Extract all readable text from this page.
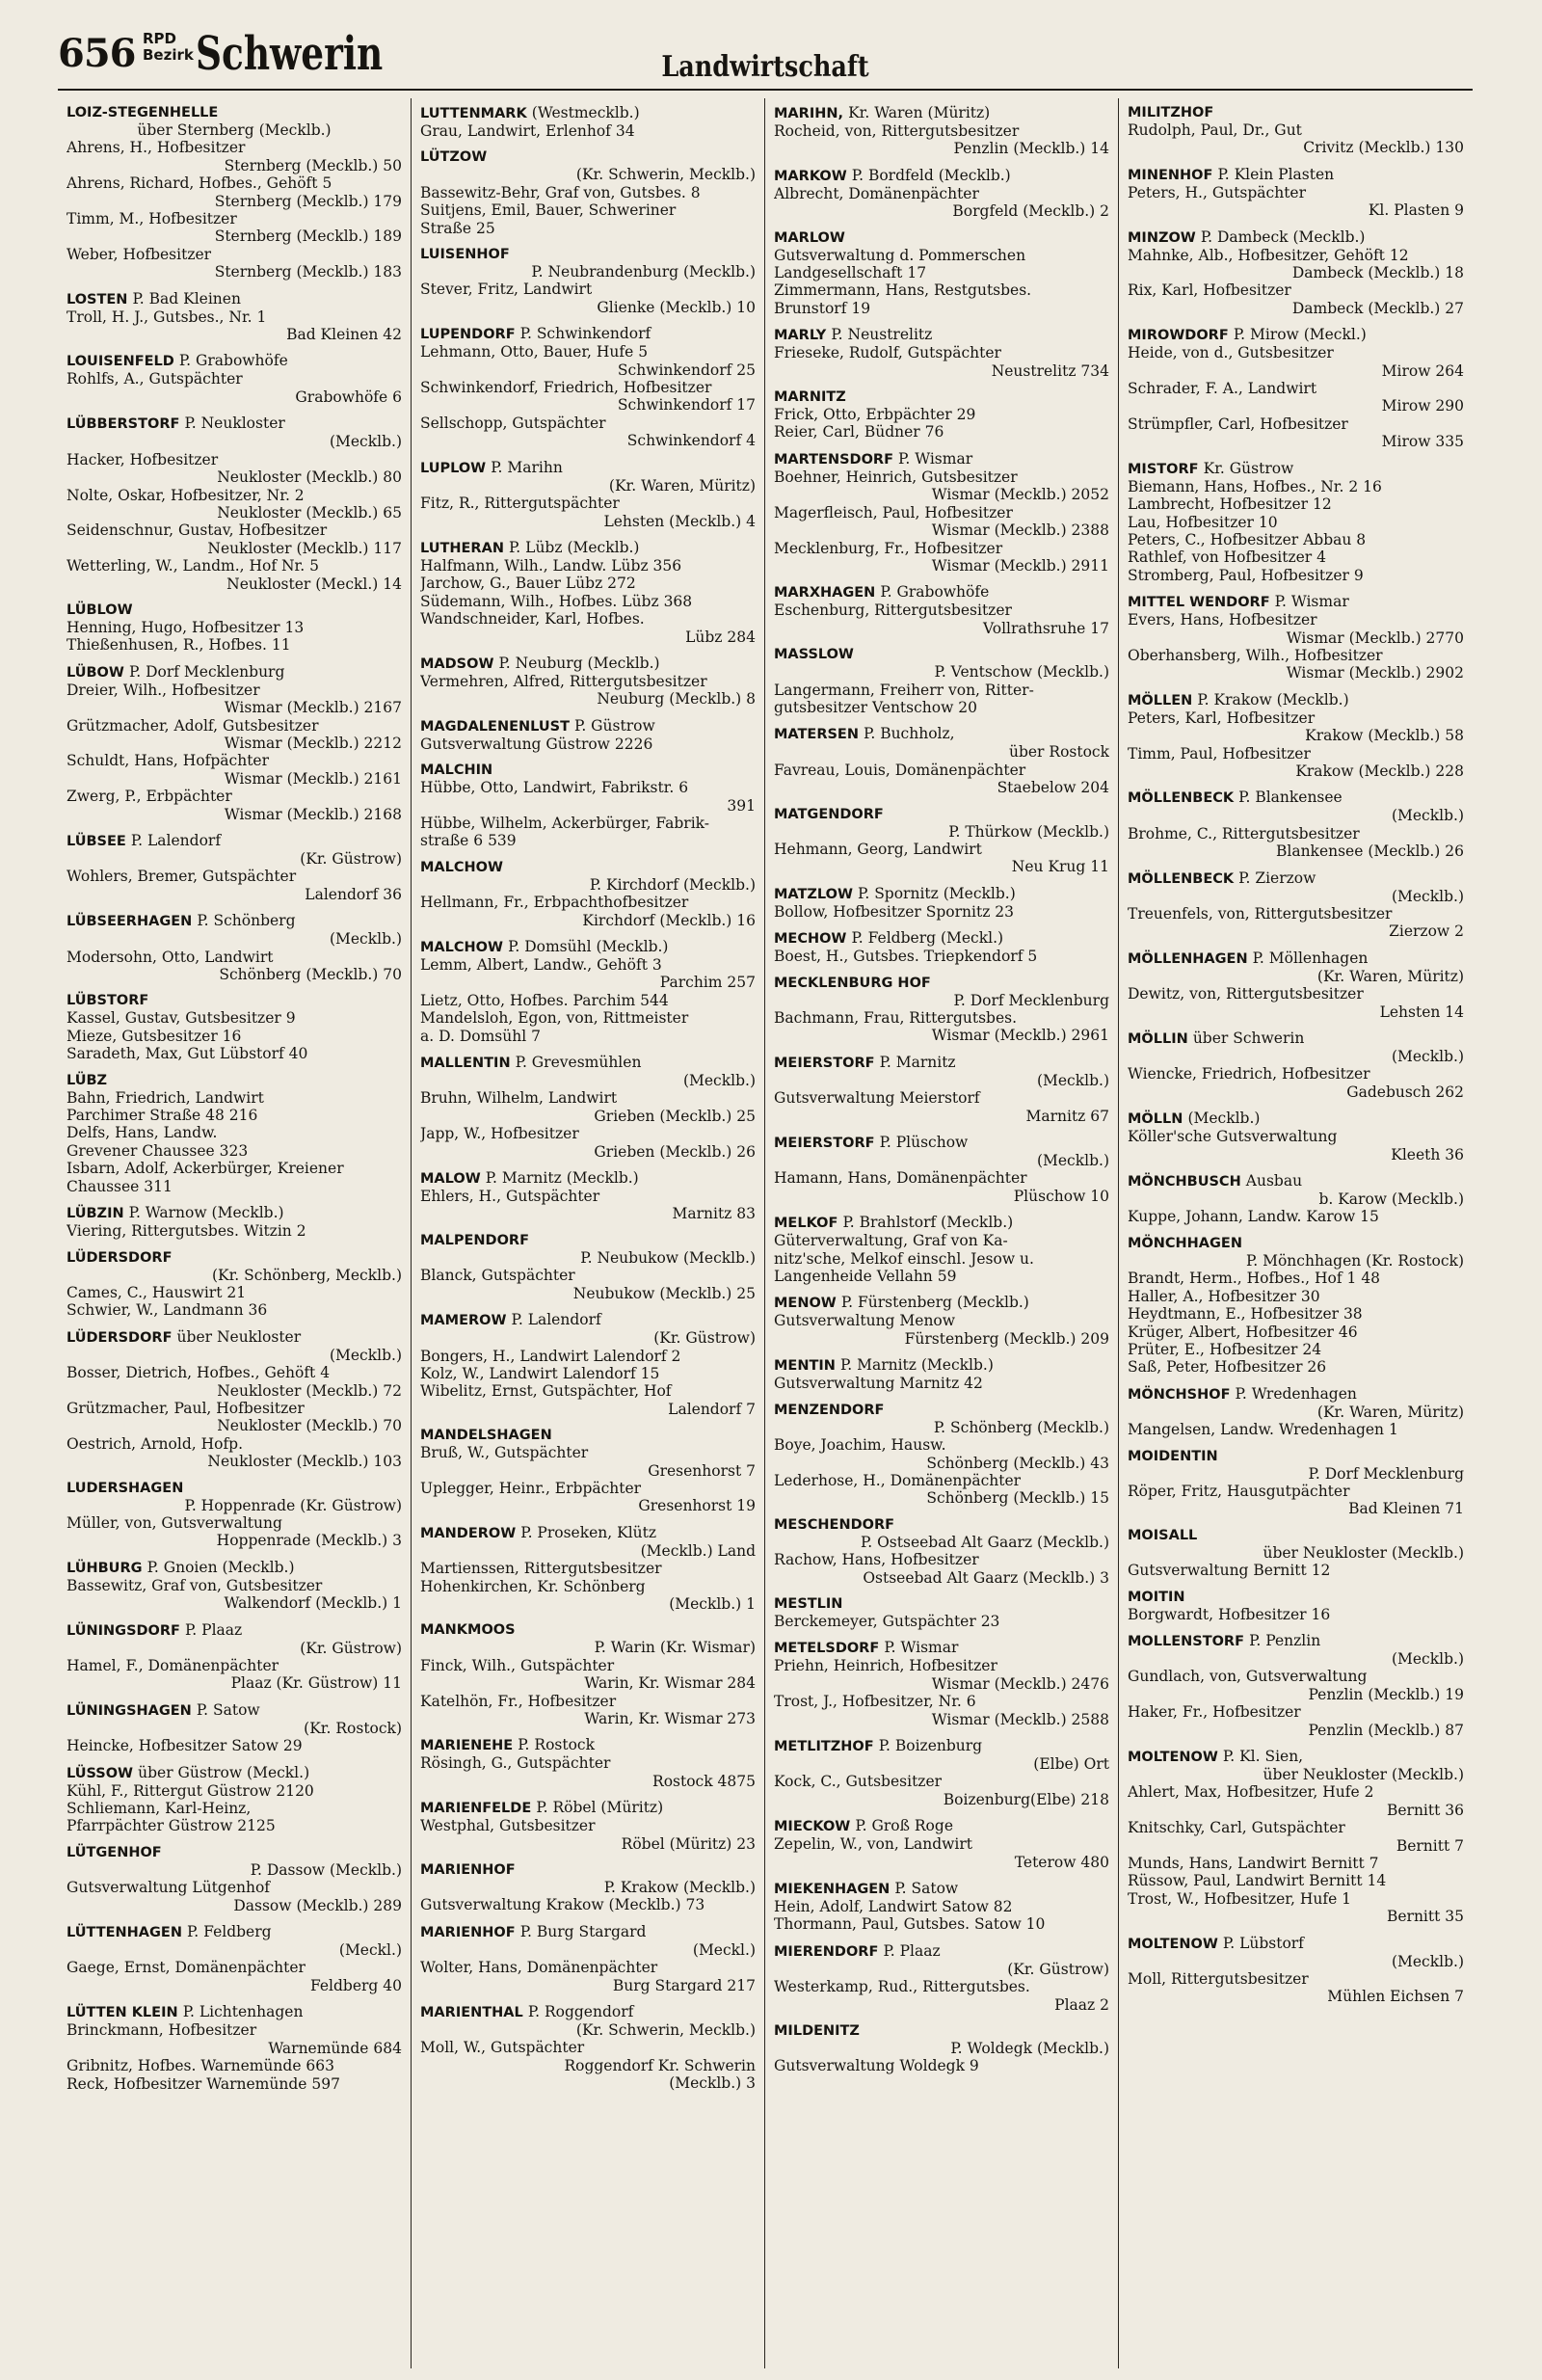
656 RPD
Bezirk Schwerin	Landwirtschaft
LOIZ-STEGENHELLE
über Sternberg (Mecklb.)
Ahrens, H., Hofbesitzer
Sternberg (Mecklb.) 50
Ahrens, Richard, Hofbes., Gehöft 5
Sternberg (Mecklb.) 179
Timm, M., Hofbesitzer
Sternberg (Mecklb.) 189
Weber, Hofbesitzer
Sternberg (Mecklb.) 183
LOSTEN P. Bad Kleinen
Troll, H. J., Gutsbes., Nr. 1
Bad Kleinen 42
LOUISENFELD P. Grabowhöfe
Rohlfs, A., Gutspächter
Grabowhöfe 6
LÜBBERSTORF P. Neukloster
(Mecklb.)
Hacker, Hofbesitzer
Neukloster (Mecklb.) 80
Nolte, Oskar, Hofbesitzer, Nr. 2
Neukloster (Mecklb.) 65
Seidenschnur, Gustav, Hofbesitzer
Neukloster (Mecklb.) 117
Wetterling, W., Landm., Hof Nr. 5
Neukloster (Meckl.) 14
LÜBLOW
Henning, Hugo, Hofbesitzer 13
Thießenhusen, R., Hofbes. 11
LÜBOW P. Dorf Mecklenburg
Dreier, Wilh., Hofbesitzer
Wismar (Mecklb.) 2167
Grützmacher, Adolf, Gutsbesitzer
Wismar (Mecklb.) 2212
Schuldt, Hans, Hofpächter
Wismar (Mecklb.) 2161
Zwerg, P., Erbpächter
Wismar (Mecklb.) 2168
LÜBSEE P. Lalendorf
(Kr. Güstrow)
Wohlers, Bremer, Gutspächter
Lalendorf 36
LÜBSEERHAGEN P. Schönberg
(Mecklb.)
Modersohn, Otto, Landwirt
Schönberg (Mecklb.) 70
LÜBSTORF
Kassel, Gustav, Gutsbesitzer 9
Mieze, Gutsbesitzer 16
Saradeth, Max, Gut Lübstorf 40
LÜBZ
Bahn, Friedrich, Landwirt
Parchimer Straße 48 216
Delfs, Hans, Landw.
Grevener Chaussee 323
Isbarn, Adolf, Ackerbürger, Kreiener
Chaussee 311
LÜBZIN P. Warnow (Mecklb.)
Viering, Rittergutsbes. Witzin 2
LÜDERSDORF
(Kr. Schönberg, Mecklb.)
Cames, C., Hauswirt 21
Schwier, W., Landmann 36
LÜDERSDORF über Neukloster
(Mecklb.)
Bosser, Dietrich, Hofbes., Gehöft 4
Neukloster (Mecklb.) 72
Grützmacher, Paul, Hofbesitzer
Neukloster (Mecklb.) 70
Oestrich, Arnold, Hofp.
Neukloster (Mecklb.) 103
LUDERSHAGEN
P. Hoppenrade (Kr. Güstrow)
Müller, von, Gutsverwaltung
Hoppenrade (Mecklb.) 3
LÜHBURG P. Gnoien (Mecklb.)
Bassewitz, Graf von, Gutsbesitzer
Walkendorf (Mecklb.) 1
LÜNINGSDORF P. Plaaz
(Kr. Güstrow)
Hamel, F., Domänenpächter
Plaaz (Kr. Güstrow) 11
LÜNINGSHAGEN P. Satow
(Kr. Rostock)
Heincke, Hofbesitzer Satow 29
LÜSSOW über Güstrow (Meckl.)
Kühl, F., Rittergut Güstrow 2120
Schliemann, Karl-Heinz,
Pfarrpächter Güstrow 2125
LÜTGENHOF
P. Dassow (Mecklb.)
Gutsverwaltung Lütgenhof
Dassow (Mecklb.) 289
LÜTTENHAGEN P. Feldberg
(Meckl.)
Gaege, Ernst, Domänenpächter
Feldberg 40
LÜTTEN KLEIN P. Lichtenhagen
Brinckmann, Hofbesitzer
Warnemünde 684
Gribnitz, Hofbes. Warnemünde 663
Reck, Hofbesitzer Warnemünde 597
LUTTENMARK (Westmecklb.)
Grau, Landwirt, Erlenhof 34
LÜTZOW
(Kr. Schwerin, Mecklb.)
Bassewitz-Behr, Graf von, Gutsbes. 8
Suitjens, Emil, Bauer, Schweriner
Straße 25
LUISENHOF
P. Neubrandenburg (Mecklb.)
Stever, Fritz, Landwirt
Glienke (Mecklb.) 10
LUPENDORF P. Schwinkendorf
Lehmann, Otto, Bauer, Hufe 5
Schwinkendorf 25
Schwinkendorf, Friedrich, Hofbesitzer
Schwinkendorf 17
Sellschopp, Gutspächter
Schwinkendorf 4
LUPLOW P. Marihn
(Kr. Waren, Müritz)
Fitz, R., Rittergutspächter
Lehsten (Mecklb.) 4
LUTHERAN P. Lübz (Mecklb.)
Halfmann, Wilh., Landw. Lübz 356
Jarchow, G., Bauer Lübz 272
Südemann, Wilh., Hofbes. Lübz 368
Wandschneider, Karl, Hofbes.
Lübz 284
MADSOW P. Neuburg (Mecklb.)
Vermehren, Alfred, Rittergutsbesitzer
Neuburg (Mecklb.) 8
MAGDALENENLUST P. Güstrow
Gutsverwaltung Güstrow 2226
MALCHIN
Hübbe, Otto, Landwirt, Fabrikstr. 6
391
Hübbe, Wilhelm, Ackerbürger, Fabrik-
straße 6 539
MALCHOW
P. Kirchdorf (Mecklb.)
Hellmann, Fr., Erbpachthofbesitzer
Kirchdorf (Mecklb.) 16
MALCHOW P. Domsühl (Mecklb.)
Lemm, Albert, Landw., Gehöft 3
Parchim 257
Lietz, Otto, Hofbes. Parchim 544
Mandelsloh, Egon, von, Rittmeister
a. D. Domsühl 7
MALLENTIN P. Grevesmühlen
(Mecklb.)
Bruhn, Wilhelm, Landwirt
Grieben (Mecklb.) 25
Japp, W., Hofbesitzer
Grieben (Mecklb.) 26
MALOW P. Marnitz (Mecklb.)
Ehlers, H., Gutspächter
Marnitz 83
MALPENDORF
P. Neubukow (Mecklb.)
Blanck, Gutspächter
Neubukow (Mecklb.) 25
MAMEROW P. Lalendorf
(Kr. Güstrow)
Bongers, H., Landwirt Lalendorf 2
Kolz, W., Landwirt Lalendorf 15
Wibelitz, Ernst, Gutspächter, Hof
Lalendorf 7
MANDELSHAGEN
Bruß, W., Gutspächter
Gresenhorst 7
Uplegger, Heinr., Erbpächter
Gresenhorst 19
MANDEROW P. Proseken, Klütz
(Mecklb.) Land
Martienssen, Rittergutsbesitzer
Hohenkirchen, Kr. Schönberg
(Mecklb.) 1
MANKMOOS
P. Warin (Kr. Wismar)
Finck, Wilh., Gutspächter
Warin, Kr. Wismar 284
Katelhön, Fr., Hofbesitzer
Warin, Kr. Wismar 273
MARIENEHE P. Rostock
Rösingh, G., Gutspächter
Rostock 4875
MARIENFELDE P. Röbel (Müritz)
Westphal, Gutsbesitzer
Röbel (Müritz) 23
MARIENHOF
P. Krakow (Mecklb.)
Gutsverwaltung Krakow (Mecklb.) 73
MARIENHOF P. Burg Stargard
(Meckl.)
Wolter, Hans, Domänenpächter
Burg Stargard 217
MARIENTHAL P. Roggendorf
(Kr. Schwerin, Mecklb.)
Moll, W., Gutspächter
Roggendorf Kr. Schwerin
(Mecklb.) 3
MARIHN, Kr. Waren (Müritz)
Rocheid, von, Rittergutsbesitzer
Penzlin (Mecklb.) 14
MARKOW P. Bordfeld (Mecklb.)
Albrecht, Domänenpächter
Borgfeld (Mecklb.) 2
MARLOW
Gutsverwaltung d. Pommerschen
Landgesellschaft 17
Zimmermann, Hans, Restgutsbes.
Brunstorf 19
MARLY P. Neustrelitz
Frieseke, Rudolf, Gutspächter
Neustrelitz 734
MARNITZ
Frick, Otto, Erbpächter 29
Reier, Carl, Büdner 76
MARTENSDORF P. Wismar
Boehner, Heinrich, Gutsbesitzer
Wismar (Mecklb.) 2052
Magerfleisch, Paul, Hofbesitzer
Wismar (Mecklb.) 2388
Mecklenburg, Fr., Hofbesitzer
Wismar (Mecklb.) 2911
MARXHAGEN P. Grabowhöfe
Eschenburg, Rittergutsbesitzer
Vollrathsruhe 17
MASSLOW
P. Ventschow (Mecklb.)
Langermann, Freiherr von, Ritter-
gutsbesitzer Ventschow 20
MATERSEN P. Buchholz,
über Rostock
Favreau, Louis, Domänenpächter
Staebelow 204
MATGENDORF
P. Thürkow (Mecklb.)
Hehmann, Georg, Landwirt
Neu Krug 11
MATZLOW P. Spornitz (Mecklb.)
Bollow, Hofbesitzer Spornitz 23
MECHOW P. Feldberg (Meckl.)
Boest, H., Gutsbes. Triepkendorf 5
MECKLENBURG HOF
P. Dorf Mecklenburg
Bachmann, Frau, Rittergutsbes.
Wismar (Mecklb.) 2961
MEIERSTORF P. Marnitz
(Mecklb.)
Gutsverwaltung Meierstorf
Marnitz 67
MEIERSTORF P. Plüschow
(Mecklb.)
Hamann, Hans, Domänenpächter
Plüschow 10
MELKOF P. Brahlstorf (Mecklb.)
Güterverwaltung, Graf von Ka-
nitz'sche, Melkof einschl. Jesow u.
Langenheide Vellahn 59
MENOW P. Fürstenberg (Mecklb.)
Gutsverwaltung Menow
Fürstenberg (Mecklb.) 209
MENTIN P. Marnitz (Mecklb.)
Gutsverwaltung Marnitz 42
MENZENDORF
P. Schönberg (Mecklb.)
Boye, Joachim, Hausw.
Schönberg (Mecklb.) 43
Lederhose, H., Domänenpächter
Schönberg (Mecklb.) 15
MESCHENDORF
P. Ostseebad Alt Gaarz (Mecklb.)
Rachow, Hans, Hofbesitzer
Ostseebad Alt Gaarz (Mecklb.) 3
MESTLIN
Berckemeyer, Gutspächter 23
METELSDORF P. Wismar
Priehn, Heinrich, Hofbesitzer
Wismar (Mecklb.) 2476
Trost, J., Hofbesitzer, Nr. 6
Wismar (Mecklb.) 2588
METLITZHOF P. Boizenburg
(Elbe) Ort
Kock, C., Gutsbesitzer
Boizenburg(Elbe) 218
MIECKOW P. Groß Roge
Zepelin, W., von, Landwirt
Teterow 480
MIEKENHAGEN P. Satow
Hein, Adolf, Landwirt Satow 82
Thormann, Paul, Gutsbes. Satow 10
MIERENDORF P. Plaaz
(Kr. Güstrow)
Westerkamp, Rud., Rittergutsbes.
Plaaz 2
MILDENITZ
P. Woldegk (Mecklb.)
Gutsverwaltung Woldegk 9
MILITZHOF
Rudolph, Paul, Dr., Gut
Crivitz (Mecklb.) 130
MINENHOF P. Klein Plasten
Peters, H., Gutspächter
Kl. Plasten 9
MINZOW P. Dambeck (Mecklb.)
Mahnke, Alb., Hofbesitzer, Gehöft 12
Dambeck (Mecklb.) 18
Rix, Karl, Hofbesitzer
Dambeck (Mecklb.) 27
MIROWDORF P. Mirow (Meckl.)
Heide, von d., Gutsbesitzer
Mirow 264
Schrader, F. A., Landwirt
Mirow 290
Strümpfler, Carl, Hofbesitzer
Mirow 335
MISTORF Kr. Güstrow
Biemann, Hans, Hofbes., Nr. 2 16
Lambrecht, Hofbesitzer 12
Lau, Hofbesitzer 10
Peters, C., Hofbesitzer Abbau 8
Rathlef, von Hofbesitzer 4
Stromberg, Paul, Hofbesitzer 9
MITTEL WENDORF P. Wismar
Evers, Hans, Hofbesitzer
Wismar (Mecklb.) 2770
Oberhansberg, Wilh., Hofbesitzer
Wismar (Mecklb.) 2902
MÖLLEN P. Krakow (Mecklb.)
Peters, Karl, Hofbesitzer
Krakow (Mecklb.) 58
Timm, Paul, Hofbesitzer
Krakow (Mecklb.) 228
MÖLLENBECK P. Blankensee
(Mecklb.)
Brohme, C., Rittergutsbesitzer
Blankensee (Mecklb.) 26
MÖLLENBECK P. Zierzow
(Mecklb.)
Treuenfels, von, Rittergutsbesitzer
Zierzow 2
MÖLLENHAGEN P. Möllenhagen
(Kr. Waren, Müritz)
Dewitz, von, Rittergutsbesitzer
Lehsten 14
MÖLLIN über Schwerin
(Mecklb.)
Wiencke, Friedrich, Hofbesitzer
Gadebusch 262
MÖLLN (Mecklb.)
Köller'sche Gutsverwaltung
Kleeth 36
MÖNCHBUSCH Ausbau
b. Karow (Mecklb.)
Kuppe, Johann, Landw. Karow 15
MÖNCHHAGEN
P. Mönchhagen (Kr. Rostock)
Brandt, Herm., Hofbes., Hof 1 48
Haller, A., Hofbesitzer 30
Heydtmann, E., Hofbesitzer 38
Krüger, Albert, Hofbesitzer 46
Prüter, E., Hofbesitzer 24
Saß, Peter, Hofbesitzer 26
MÖNCHSHOF P. Wredenhagen
(Kr. Waren, Müritz)
Mangelsen, Landw. Wredenhagen 1
MOIDENTIN
P. Dorf Mecklenburg
Röper, Fritz, Hausgutpächter
Bad Kleinen 71
MOISALL
über Neukloster (Mecklb.)
Gutsverwaltung Bernitt 12
MOITIN
Borgwardt, Hofbesitzer 16
MOLLENSTORF P. Penzlin
(Mecklb.)
Gundlach, von, Gutsverwaltung
Penzlin (Mecklb.) 19
Haker, Fr., Hofbesitzer
Penzlin (Mecklb.) 87
MOLTENOW P. Kl. Sien,
über Neukloster (Mecklb.)
Ahlert, Max, Hofbesitzer, Hufe 2
Bernitt 36
Knitschky, Carl, Gutspächter
Bernitt 7
Munds, Hans, Landwirt Bernitt 7
Rüssow, Paul, Landwirt Bernitt 14
Trost, W., Hofbesitzer, Hufe 1
Bernitt 35
MOLTENOW P. Lübstorf
(Mecklb.)
Moll, Rittergutsbesitzer
Mühlen Eichsen 7
